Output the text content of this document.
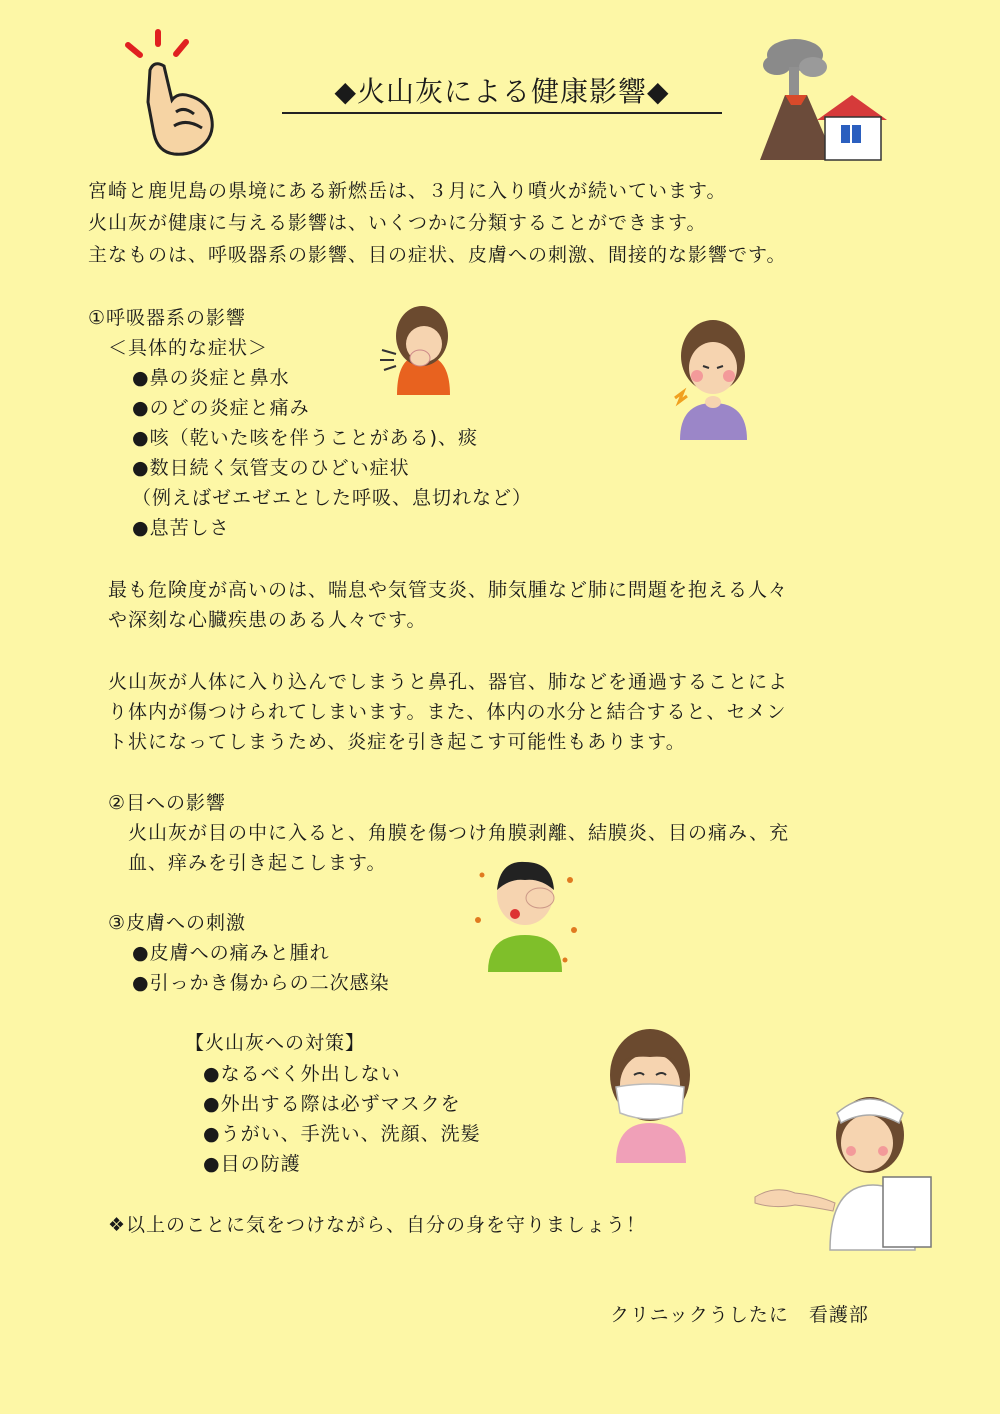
◆火山灰による健康影響◆
宮崎と鹿児島の県境にある新燃岳は、３月に入り噴火が続いています。
火山灰が健康に与える影響は、いくつかに分類することができます。
主なものは、呼吸器系の影響、目の症状、皮膚への刺激、間接的な影響です。
①呼吸器系の影響
＜具体的な症状＞
●鼻の炎症と鼻水
●のどの炎症と痛み
●咳（乾いた咳を伴うことがある)、痰
●数日続く気管支のひどい症状
（例えばゼエゼエとした呼吸、息切れなど）
●息苦しさ
最も危険度が高いのは、喘息や気管支炎、肺気腫など肺に問題を抱える人々
や深刻な心臓疾患のある人々です。
火山灰が人体に入り込んでしまうと鼻孔、器官、肺などを通過することによ
り体内が傷つけられてしまいます。また、体内の水分と結合すると、セメン
ト状になってしまうため、炎症を引き起こす可能性もあります。
②目への影響
火山灰が目の中に入ると、角膜を傷つけ角膜剥離、結膜炎、目の痛み、充
血、痒みを引き起こします。
③皮膚への刺激
●皮膚への痛みと腫れ
●引っかき傷からの二次感染
【火山灰への対策】
●なるべく外出しない
●外出する際は必ずマスクを
●うがい、手洗い、洗顔、洗髪
●目の防護
❖以上のことに気をつけながら、自分の身を守りましょう！
クリニックうしたに　看護部
